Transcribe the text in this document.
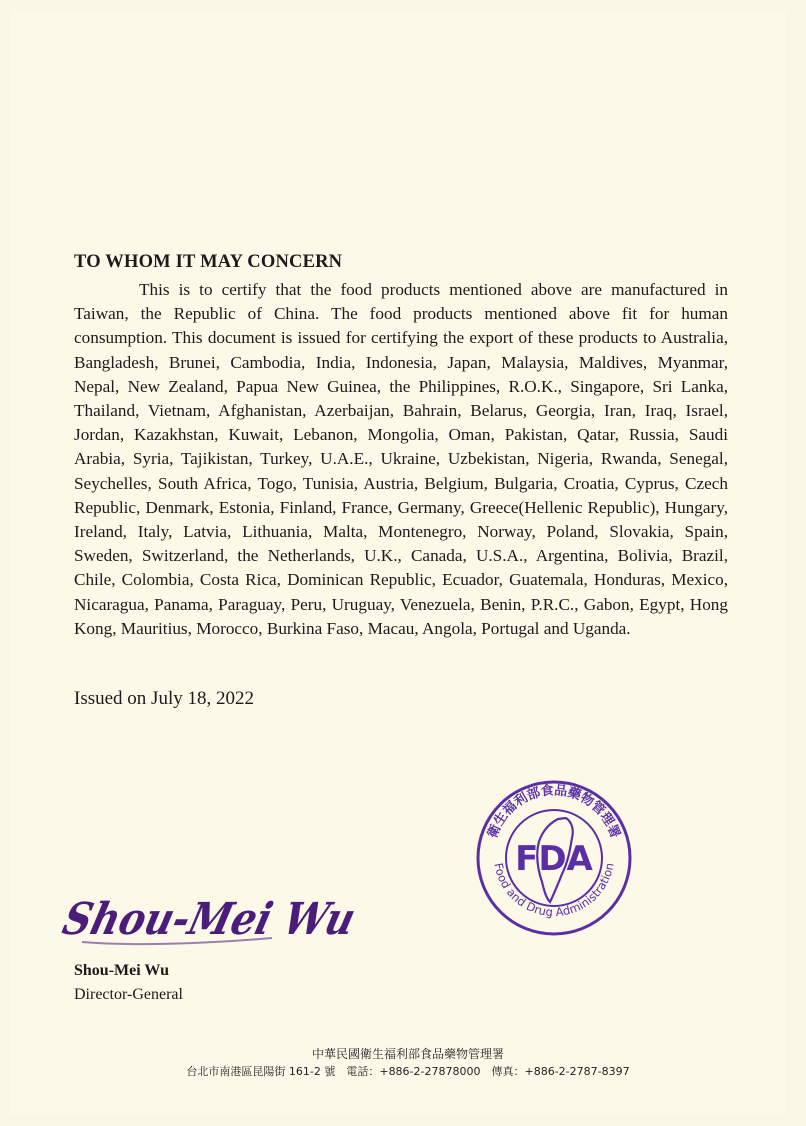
TO WHOM IT MAY CONCERN
This is to certify that the food products mentioned above are manufactured in Taiwan, the Republic of China. The food products mentioned above fit for human consumption. This document is issued for certifying the export of these products to Australia, Bangladesh, Brunei, Cambodia, India, Indonesia, Japan, Malaysia, Maldives, Myanmar, Nepal, New Zealand, Papua New Guinea, the Philippines, R.O.K., Singapore, Sri Lanka, Thailand, Vietnam, Afghanistan, Azerbaijan, Bahrain, Belarus, Georgia, Iran, Iraq, Israel, Jordan, Kazakhstan, Kuwait, Lebanon, Mongolia, Oman, Pakistan, Qatar, Russia, Saudi Arabia, Syria, Tajikistan, Turkey, U.A.E., Ukraine, Uzbekistan, Nigeria, Rwanda, Senegal, Seychelles, South Africa, Togo, Tunisia, Austria, Belgium, Bulgaria, Croatia, Cyprus, Czech Republic, Denmark, Estonia, Finland, France, Germany, Greece(Hellenic Republic), Hungary, Ireland, Italy, Latvia, Lithuania, Malta, Montenegro, Norway, Poland, Slovakia, Spain, Sweden, Switzerland, the Netherlands, U.K., Canada, U.S.A., Argentina, Bolivia, Brazil, Chile, Colombia, Costa Rica, Dominican Republic, Ecuador, Guatemala, Honduras, Mexico, Nicaragua, Panama, Paraguay, Peru, Uruguay, Venezuela, Benin, P.R.C., Gabon, Egypt, Hong Kong, Mauritius, Morocco, Burkina Faso, Macau, Angola, Portugal and Uganda.
Issued on July 18, 2022
FDA
衛生福利部食品藥物管理署
Food and Drug Administration
Shou-Mei Wu
Shou-Mei Wu
Director-General
中華民國衛生福利部食品藥物管理署
台北市南港區昆陽街 161-2 號　電話：+886-2-27878000　傳真：+886-2-2787-8397
